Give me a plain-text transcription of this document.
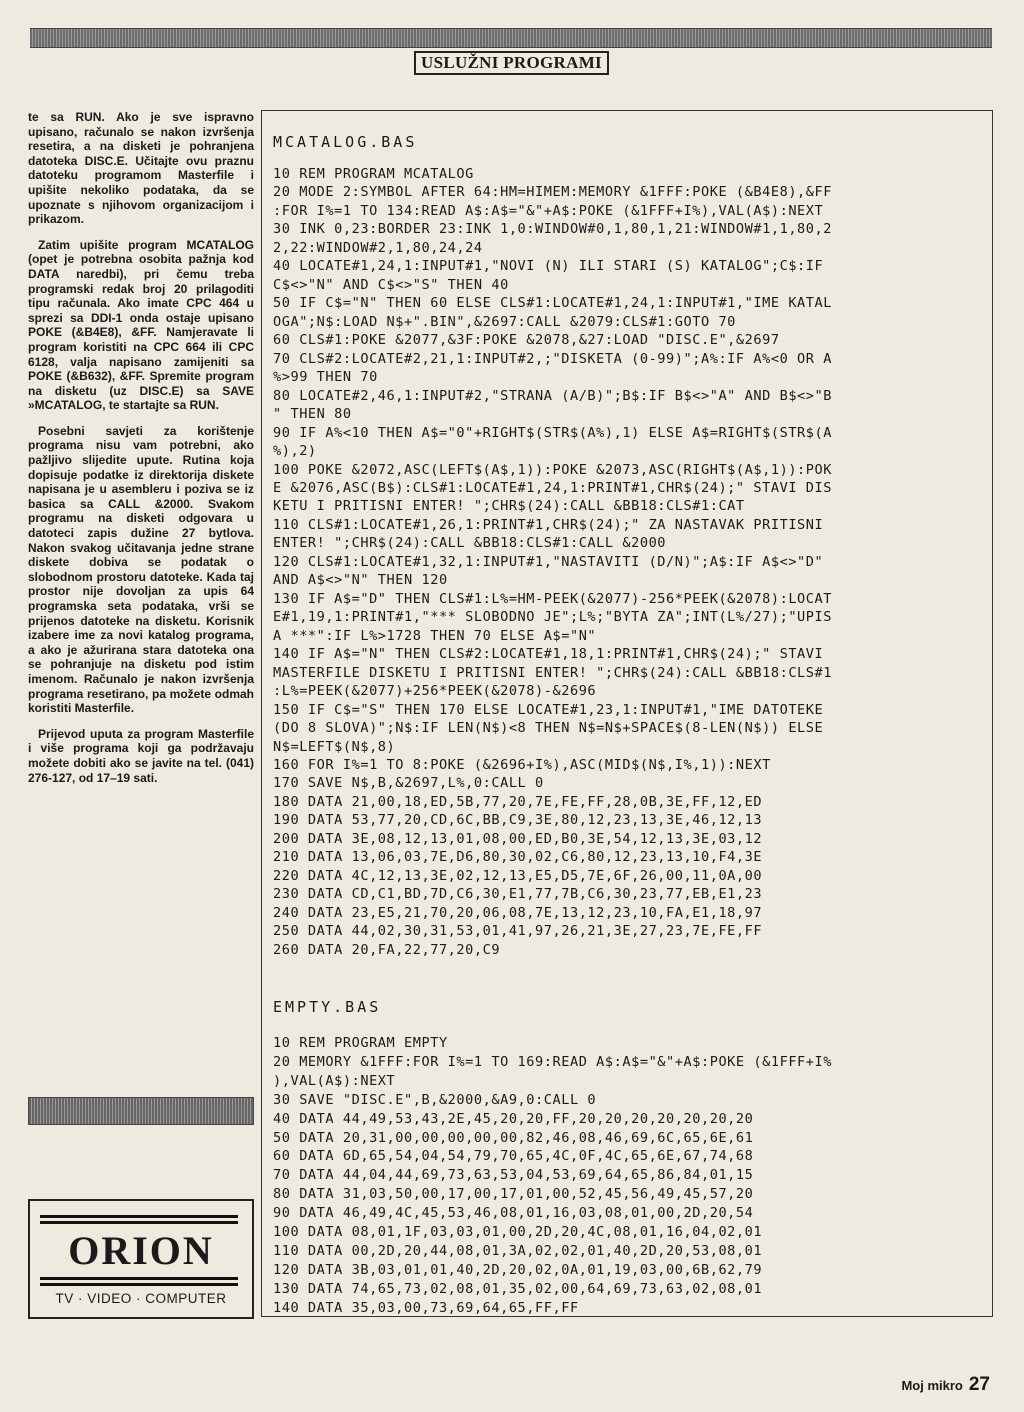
USLUŽNI PROGRAMI

te sa RUN. Ako je sve ispravno upisano, računalo se nakon izvršenja resetira, a na disketi je pohranjena datoteka DISC.E. Učitajte ovu praznu datoteku programom Masterfile i upišite nekoliko podataka, da se upoznate s njihovom organizacijom i prikazom.

Zatim upišite program MCATALOG (opet je potrebna osobita pažnja kod DATA naredbi), pri čemu treba programski redak broj 20 prilagoditi tipu računala. Ako imate CPC 464 u sprezi sa DDI-1 onda ostaje upisano POKE (&B4E8), &FF. Namjeravate li program koristiti na CPC 664 ili CPC 6128, valja napisano zamijeniti sa POKE (&B632), &FF. Spremite program na disketu (uz DISC.E) sa SAVE »MCATALOG, te startajte sa RUN.

Posebni savjeti za korištenje programa nisu vam potrebni, ako pažljivo slijedite upute. Rutina koja dopisuje podatke iz direktorija diskete napisana je u asembleru i poziva se iz basica sa CALL &2000. Svakom programu na disketi odgovara u datoteci zapis dužine 27 bytlova. Nakon svakog učitavanja jedne strane diskete dobiva se podatak o slobodnom prostoru datoteke. Kada taj prostor nije dovoljan za upis 64 programska seta podataka, vrši se prijenos datoteke na disketu. Korisnik izabere ime za novi katalog programa, a ako je ažurirana stara datoteka ona se pohranjuje na disketu pod istim imenom. Računalo je nakon izvršenja programa resetirano, pa možete odmah koristiti Masterfile.

Prijevod uputa za program Masterfile i više programa koji ga podržavaju možete dobiti ako se javite na tel. (041) 276-127, od 17–19 sati.

ORION
TV · VIDEO · COMPUTER
MCATALOG.BAS
10 REM PROGRAM MCATALOG
20 MODE 2:SYMBOL AFTER 64:HM=HIMEM:MEMORY &1FFF:POKE (&B4E8),&FF
:FOR I%=1 TO 134:READ A$:A$="&"+A$:POKE (&1FFF+I%),VAL(A$):NEXT
30 INK 0,23:BORDER 23:INK 1,0:WINDOW#0,1,80,1,21:WINDOW#1,1,80,2
2,22:WINDOW#2,1,80,24,24
40 LOCATE#1,24,1:INPUT#1,"NOVI (N) ILI STARI (S) KATALOG";C$:IF
C$<>"N" AND C$<>"S" THEN 40
50 IF C$="N" THEN 60 ELSE CLS#1:LOCATE#1,24,1:INPUT#1,"IME KATAL
OGA";N$:LOAD N$+".BIN",&2697:CALL &2079:CLS#1:GOTO 70
60 CLS#1:POKE &2077,&3F:POKE &2078,&27:LOAD "DISC.E",&2697
70 CLS#2:LOCATE#2,21,1:INPUT#2,;"DISKETA (0-99)";A%:IF A%<0 OR A
%>99 THEN 70
80 LOCATE#2,46,1:INPUT#2,"STRANA (A/B)";B$:IF B$<>"A" AND B$<>"B
" THEN 80
90 IF A%<10 THEN A$="0"+RIGHT$(STR$(A%),1) ELSE A$=RIGHT$(STR$(A
%),2)
100 POKE &2072,ASC(LEFT$(A$,1)):POKE &2073,ASC(RIGHT$(A$,1)):POK
E &2076,ASC(B$):CLS#1:LOCATE#1,24,1:PRINT#1,CHR$(24);" STAVI DIS
KETU I PRITISNI ENTER! ";CHR$(24):CALL &BB18:CLS#1:CAT
110 CLS#1:LOCATE#1,26,1:PRINT#1,CHR$(24);" ZA NASTAVAK PRITISNI
ENTER! ";CHR$(24):CALL &BB18:CLS#1:CALL &2000
120 CLS#1:LOCATE#1,32,1:INPUT#1,"NASTAVITI (D/N)";A$:IF A$<>"D"
AND A$<>"N" THEN 120
130 IF A$="D" THEN CLS#1:L%=HM-PEEK(&2077)-256*PEEK(&2078):LOCAT
E#1,19,1:PRINT#1,"*** SLOBODNO JE";L%;"BYTA ZA";INT(L%/27);"UPIS
A ***":IF L%>1728 THEN 70 ELSE A$="N"
140 IF A$="N" THEN CLS#2:LOCATE#1,18,1:PRINT#1,CHR$(24);" STAVI
MASTERFILE DISKETU I PRITISNI ENTER! ";CHR$(24):CALL &BB18:CLS#1
:L%=PEEK(&2077)+256*PEEK(&2078)-&2696
150 IF C$="S" THEN 170 ELSE LOCATE#1,23,1:INPUT#1,"IME DATOTEKE
(DO 8 SLOVA)";N$:IF LEN(N$)<8 THEN N$=N$+SPACE$(8-LEN(N$)) ELSE
N$=LEFT$(N$,8)
160 FOR I%=1 TO 8:POKE (&2696+I%),ASC(MID$(N$,I%,1)):NEXT
170 SAVE N$,B,&2697,L%,0:CALL 0
180 DATA 21,00,18,ED,5B,77,20,7E,FE,FF,28,0B,3E,FF,12,ED
190 DATA 53,77,20,CD,6C,BB,C9,3E,80,12,23,13,3E,46,12,13
200 DATA 3E,08,12,13,01,08,00,ED,B0,3E,54,12,13,3E,03,12
210 DATA 13,06,03,7E,D6,80,30,02,C6,80,12,23,13,10,F4,3E
220 DATA 4C,12,13,3E,02,12,13,E5,D5,7E,6F,26,00,11,0A,00
230 DATA CD,C1,BD,7D,C6,30,E1,77,7B,C6,30,23,77,EB,E1,23
240 DATA 23,E5,21,70,20,06,08,7E,13,12,23,10,FA,E1,18,97
250 DATA 44,02,30,31,53,01,41,97,26,21,3E,27,23,7E,FE,FF
260 DATA 20,FA,22,77,20,C9
EMPTY.BAS
10 REM PROGRAM EMPTY
20 MEMORY &1FFF:FOR I%=1 TO 169:READ A$:A$="&"+A$:POKE (&1FFF+I%
),VAL(A$):NEXT
30 SAVE "DISC.E",B,&2000,&A9,0:CALL 0
40 DATA 44,49,53,43,2E,45,20,20,FF,20,20,20,20,20,20,20
50 DATA 20,31,00,00,00,00,00,82,46,08,46,69,6C,65,6E,61
60 DATA 6D,65,54,04,54,79,70,65,4C,0F,4C,65,6E,67,74,68
70 DATA 44,04,44,69,73,63,53,04,53,69,64,65,86,84,01,15
80 DATA 31,03,50,00,17,00,17,01,00,52,45,56,49,45,57,20
90 DATA 46,49,4C,45,53,46,08,01,16,03,08,01,00,2D,20,54
100 DATA 08,01,1F,03,03,01,00,2D,20,4C,08,01,16,04,02,01
110 DATA 00,2D,20,44,08,01,3A,02,02,01,40,2D,20,53,08,01
120 DATA 3B,03,01,01,40,2D,20,02,0A,01,19,03,00,6B,62,79
130 DATA 74,65,73,02,08,01,35,02,00,64,69,73,63,02,08,01
140 DATA 35,03,00,73,69,64,65,FF,FF
Moj mikro 27
